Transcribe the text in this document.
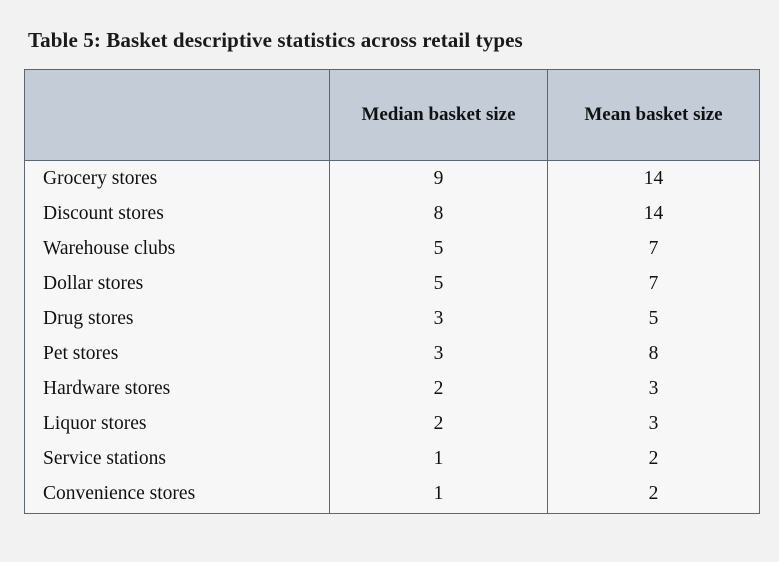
Table 5: Basket descriptive statistics across retail types
	Median basket size	Mean basket size
Grocery stores	9	14
Discount stores	8	14
Warehouse clubs	5	7
Dollar stores	5	7
Drug stores	3	5
Pet stores	3	8
Hardware stores	2	3
Liquor stores	2	3
Service stations	1	2
Convenience stores	1	2
